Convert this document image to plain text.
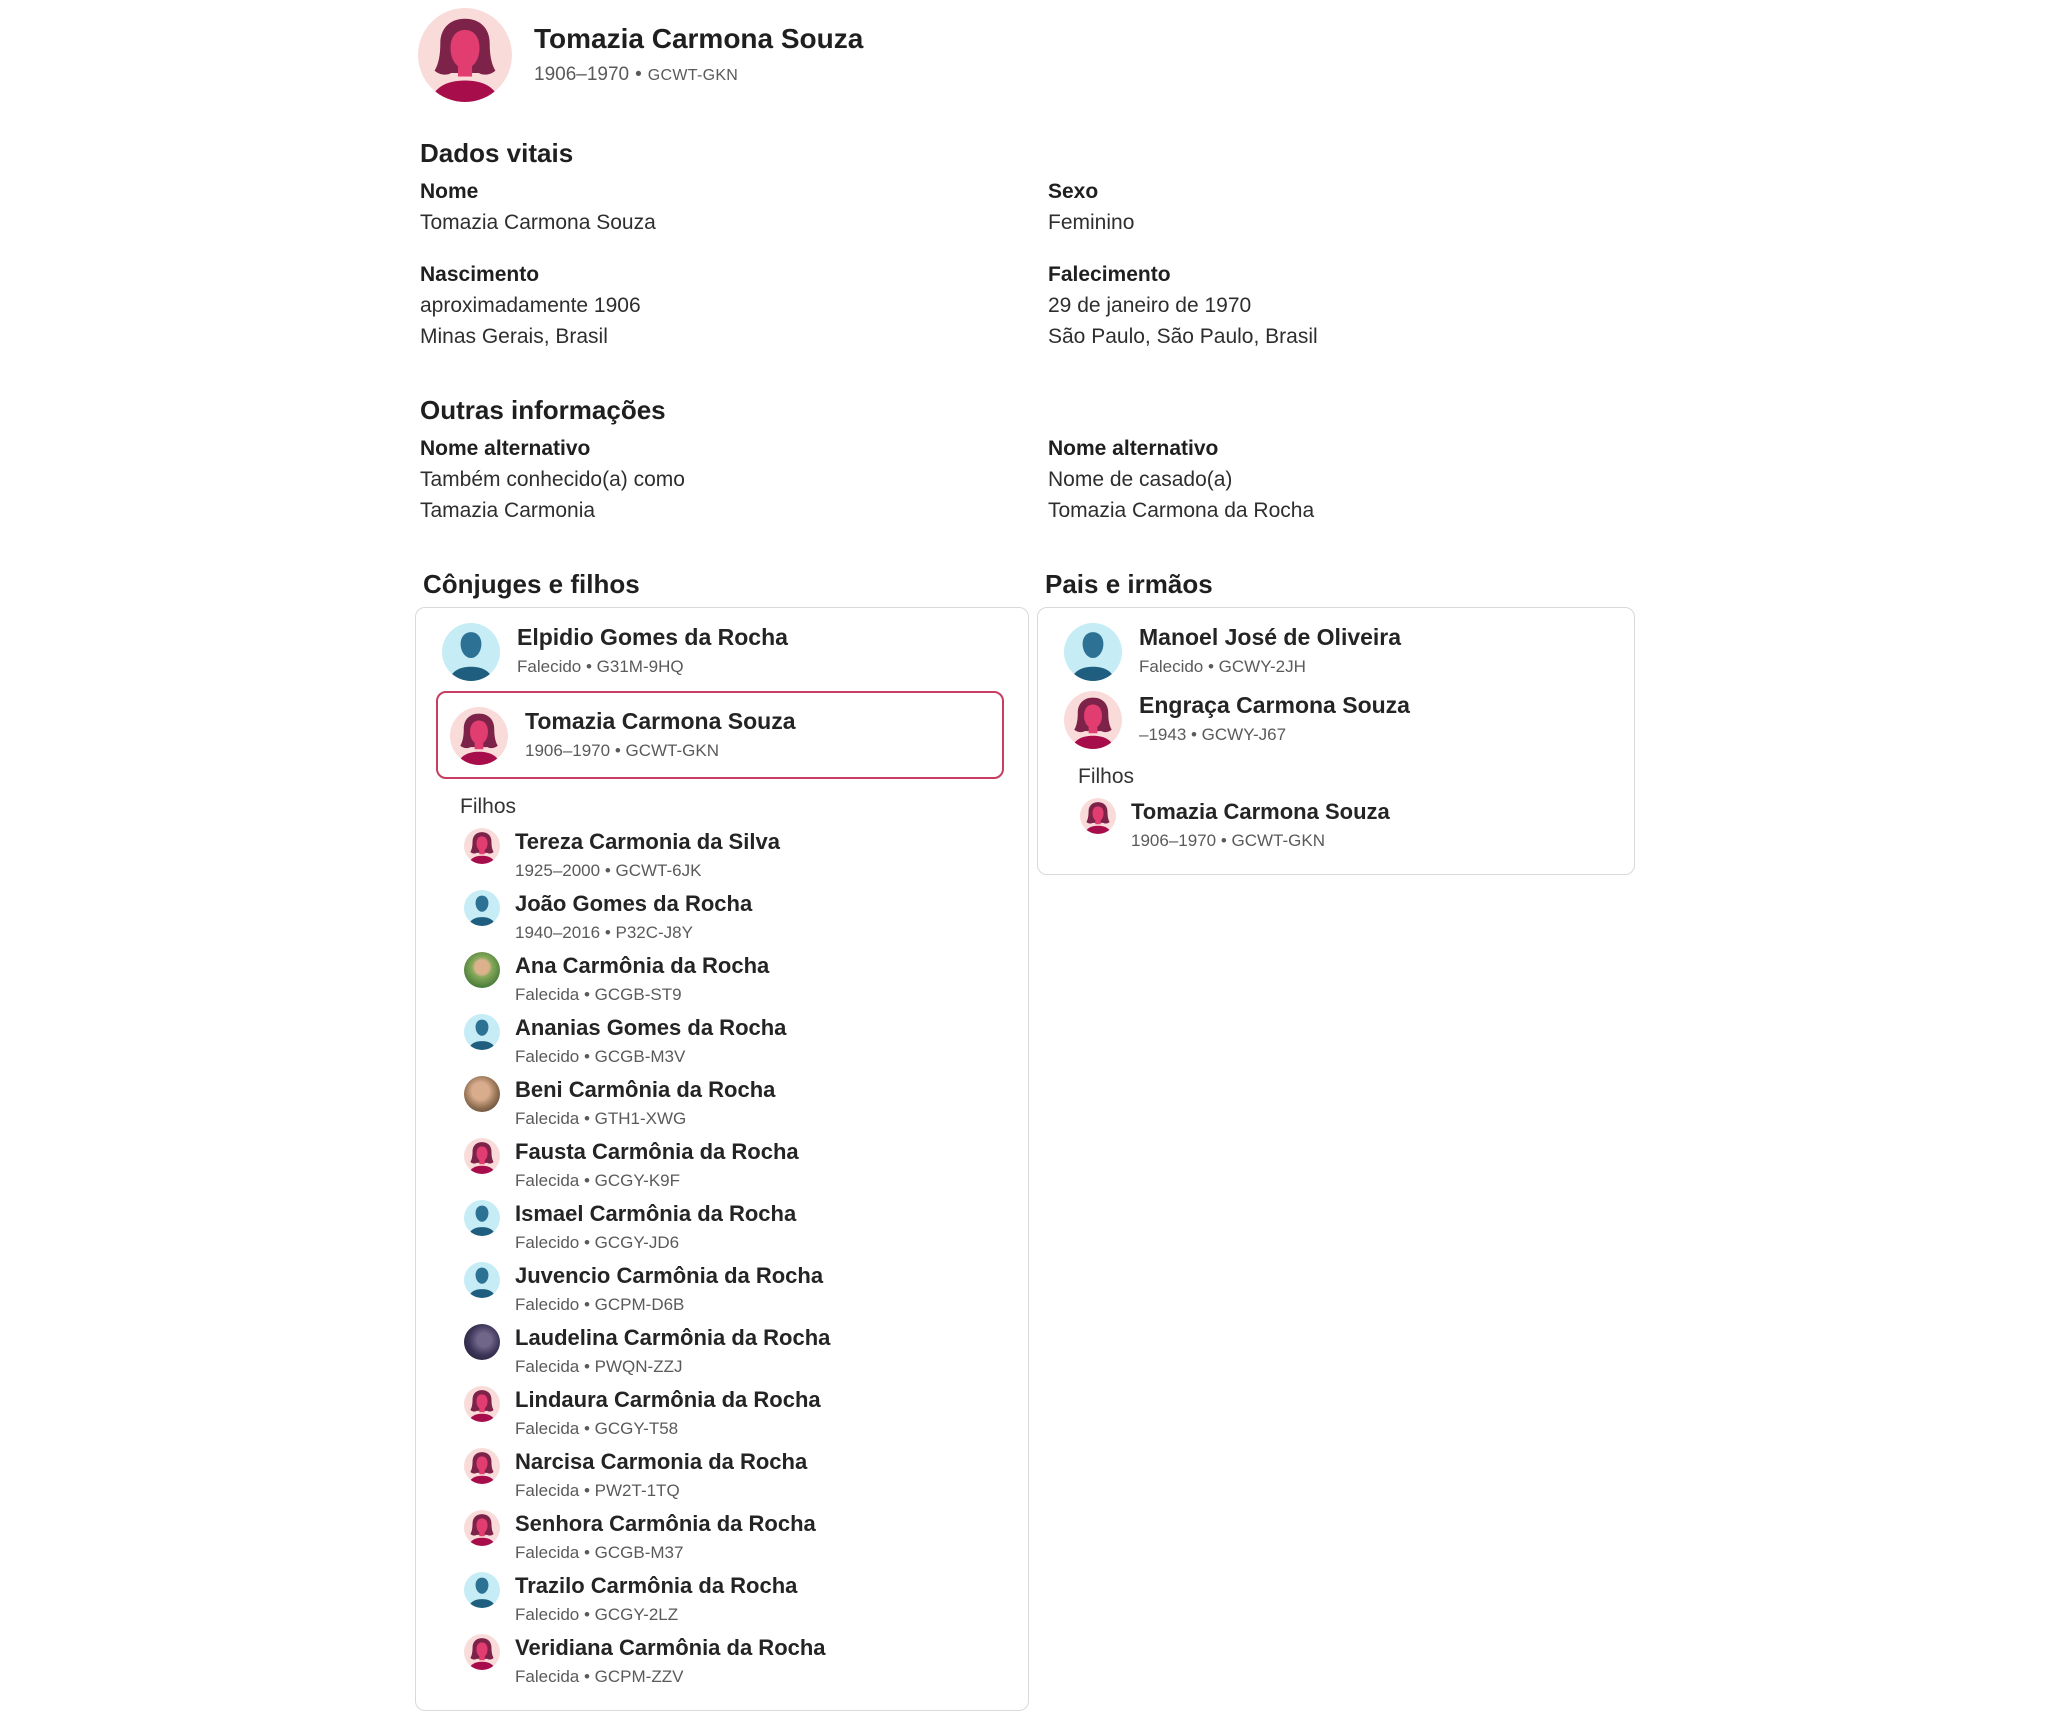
Tomazia Carmona Souza
1906–1970 • GCWT-GKN
Dados vitais
Nome
Tomazia Carmona Souza
Sexo
Feminino
Nascimento
aproximadamente 1906
Minas Gerais, Brasil
Falecimento
29 de janeiro de 1970
São Paulo, São Paulo, Brasil
Outras informações
Nome alternativo
Também conhecido(a) como
Tamazia Carmonia
Nome alternativo
Nome de casado(a)
Tomazia Carmona da Rocha
Cônjuges e filhos
Elpidio Gomes da Rocha
Falecido • G31M-9HQ
Tomazia Carmona Souza
1906–1970 • GCWT-GKN
Filhos
Tereza Carmonia da Silva
1925–2000 • GCWT-6JK
João Gomes da Rocha
1940–2016 • P32C-J8Y
Ana Carmônia da Rocha
Falecida • GCGB-ST9
Ananias Gomes da Rocha
Falecido • GCGB-M3V
Beni Carmônia da Rocha
Falecida • GTH1-XWG
Fausta Carmônia da Rocha
Falecida • GCGY-K9F
Ismael Carmônia da Rocha
Falecido • GCGY-JD6
Juvencio Carmônia da Rocha
Falecido • GCPM-D6B
Laudelina Carmônia da Rocha
Falecida • PWQN-ZZJ
Lindaura Carmônia da Rocha
Falecida • GCGY-T58
Narcisa Carmonia da Rocha
Falecida • PW2T-1TQ
Senhora Carmônia da Rocha
Falecida • GCGB-M37
Trazilo Carmônia da Rocha
Falecido • GCGY-2LZ
Veridiana Carmônia da Rocha
Falecida • GCPM-ZZV
Pais e irmãos
Manoel José de Oliveira
Falecido • GCWY-2JH
Engraça Carmona Souza
–1943 • GCWY-J67
Filhos
Tomazia Carmona Souza
1906–1970 • GCWT-GKN
